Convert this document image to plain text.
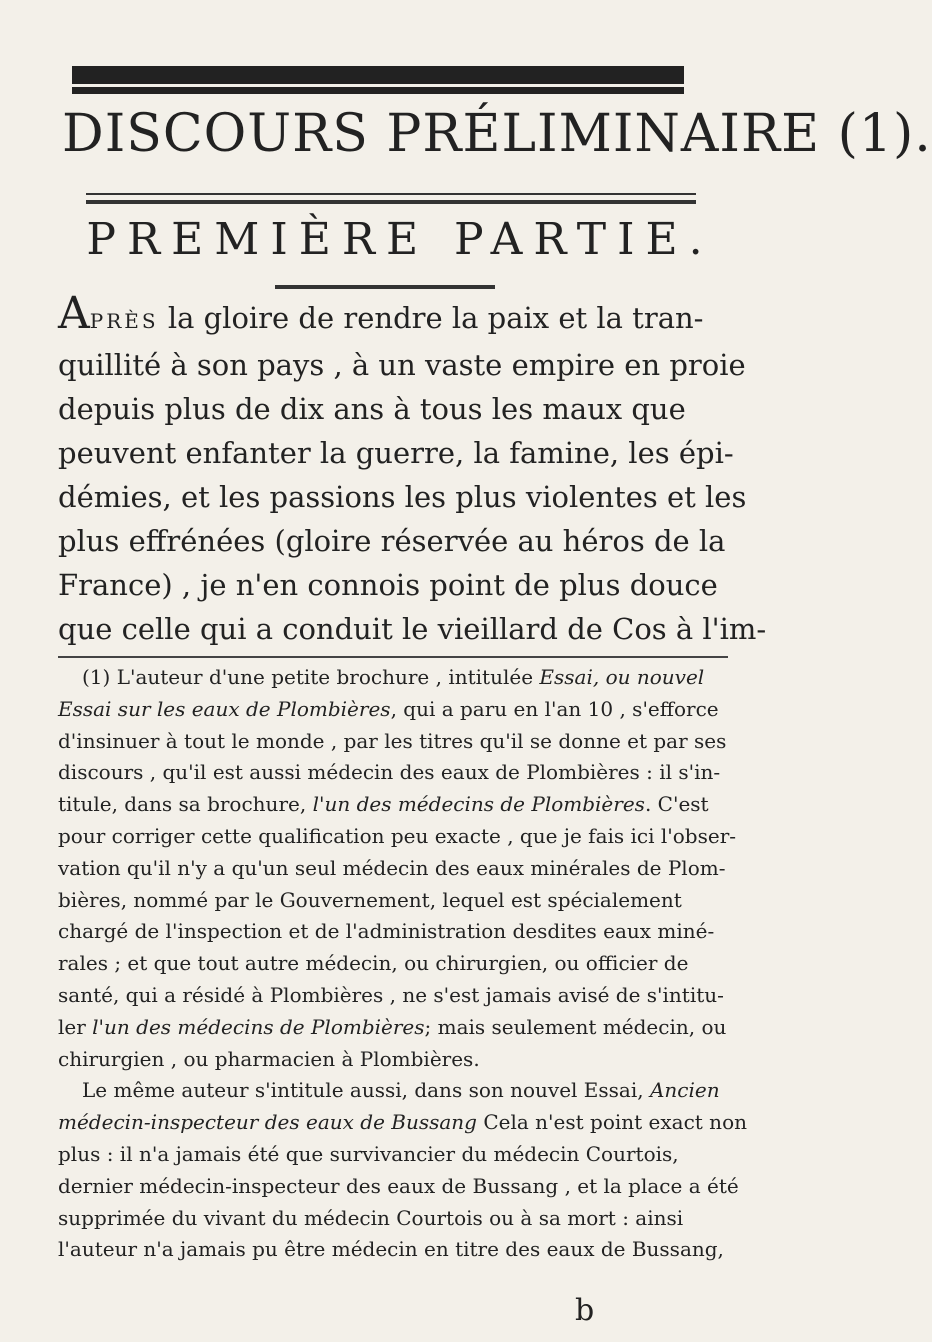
DISCOURS PRÉLIMINAIRE (1).
PREMIÈRE PARTIE.
APRÈS la gloire de rendre la paix et la tran-
quillité à son pays , à un vaste empire en proie
depuis plus de dix ans à tous les maux que
peuvent enfanter la guerre, la famine, les épi-
démies, et les passions les plus violentes et les
plus effrénées (gloire réservée au héros de la
France) , je n'en connois point de plus douce
que celle qui a conduit le vieillard de Cos à l'im-
(1) L'auteur d'une petite brochure , intitulée Essai, ou nouvel
Essai sur les eaux de Plombières, qui a paru en l'an 10 , s'efforce
d'insinuer à tout le monde , par les titres qu'il se donne et par ses
discours , qu'il est aussi médecin des eaux de Plombières : il s'in-
titule, dans sa brochure, l'un des médecins de Plombières. C'est
pour corriger cette qualification peu exacte , que je fais ici l'obser-
vation qu'il n'y a qu'un seul médecin des eaux minérales de Plom-
bières, nommé par le Gouvernement, lequel est spécialement
chargé de l'inspection et de l'administration desdites eaux miné-
rales ; et que tout autre médecin, ou chirurgien, ou officier de
santé, qui a résidé à Plombières , ne s'est jamais avisé de s'intitu-
ler l'un des médecins de Plombières; mais seulement médecin, ou
chirurgien , ou pharmacien à Plombières.
Le même auteur s'intitule aussi, dans son nouvel Essai, Ancien
médecin-inspecteur des eaux de Bussang Cela n'est point exact non
plus : il n'a jamais été que survivancier du médecin Courtois,
dernier médecin-inspecteur des eaux de Bussang , et la place a été
supprimée du vivant du médecin Courtois ou à sa mort : ainsi
l'auteur n'a jamais pu être médecin en titre des eaux de Bussang,
b
